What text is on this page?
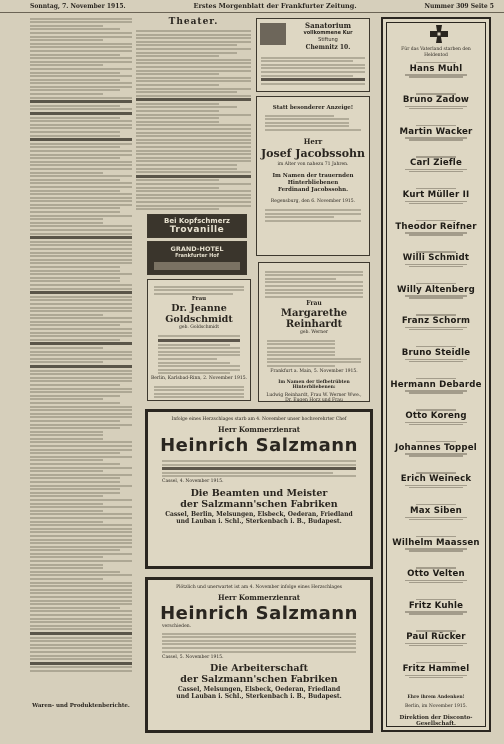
Sonntag, 7. November 1915.	Erstes Morgenblatt der Frankfurter Zeitung.	Nummer 309 Seite 5
Waren- und Produktenberichte.
Theater.
Bei Kopfschmerz
Trovanille
GRAND-HOTEL
Frankfurter Hof
Sanatorium
vollkommene Kur
Stiftung
Chemnitz 10.
Statt besonderer Anzeige!
Herr
Josef Jacobssohn
im Alter von nahezu 71 Jahren.
Im Namen der trauernden Hinterbliebenen
Ferdinand Jacobssohn.
Regensburg, den 6. November 1915.
Frau
Dr. Jeanne Goldschmidt
geb. Goldschmidt
Berlin, Karlsbad-Rinn, 2. November 1915.
Frau
Margarethe Reinhardt
geb. Werner
Frankfurt a. Main, 5. November 1915.
Im Namen der tiefbetrübten Hinterbliebenen:
Ludwig Reinhardt, Frau W. Werner Wwe., Dr. Eugen Horz und Frau
Infolge eines Herzschlages starb am 4. November unser hochverehrter Chef
Herr Kommerzienrat
Heinrich Salzmann
Cassel, 4. November 1915.
Die Beamten und Meister
der Salzmann'schen Fabriken
Cassel, Berlin, Melsungen, Elsbeck, Oederan, Friedland
und Lauban i. Schl., Sterkenbach i. B., Budapest.
Plötzlich und unerwartet ist am 4. November infolge eines Herzschlages
Herr Kommerzienrat
Heinrich Salzmann
verschieden.
Cassel, 5. November 1915.
Die Arbeiterschaft
der Salzmann'schen Fabriken
Cassel, Melsungen, Elsbeck, Oederan, Friedland
und Lauban i. Schl., Sterkenbach i. B., Budapest.
Für das Vaterland starben den Heldentod
Hans Muhl
Bruno Zadow
Martin Wacker
Carl Ziefle
Kurt Müller II
Theodor Reifner
Willi Schmidt
Willy Altenberg
Franz Schorm
Bruno Steidle
Hermann Debarde
Otto Koreng
Johannes Toppel
Erich Weineck
Max Siben
Wilhelm Maassen
Otto Velten
Fritz Kuhle
Paul Rücker
Fritz Hammel
Ehre ihrem Andenken!
Berlin, im November 1915.
Direktion der Disconto-Gesellschaft.
